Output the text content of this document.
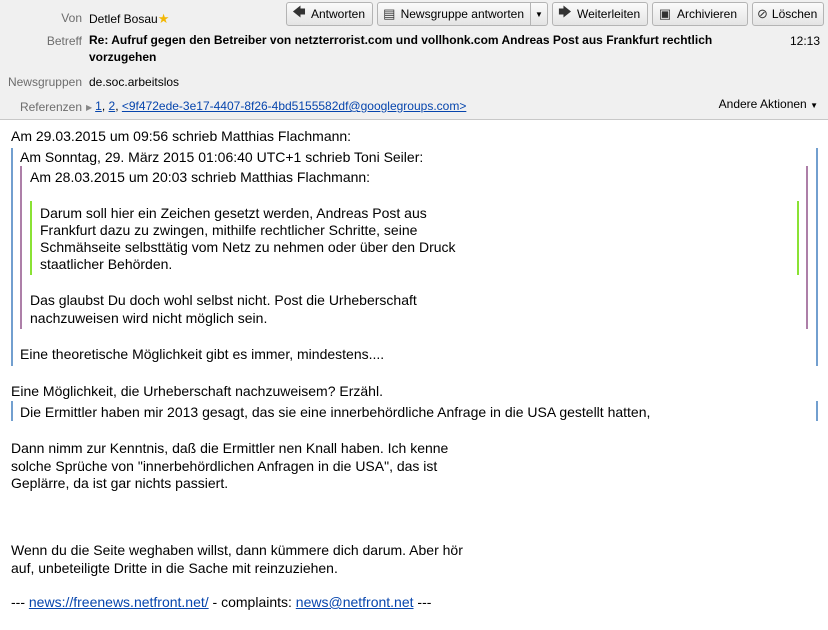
Von Detlef Bosau★	🡄 Antworten ▤ Newsgruppe antworten ▼ 🡆 Weiterleiten ▣ Archivieren ⊘ Löschen
Betreff Re: Aufruf gegen den Betreiber von netzterrorist.com und vollhonk.com Andreas Post aus Frankfurt rechtlich
vorzugehen
12:13
Newsgruppen de.soc.arbeitslos
Referenzen ▶ 1, 2, <9f472ede-3e17-4407-8f26-4bd5155582df@googlegroups.com>	Andere Aktionen ▼
Am 29.03.2015 um 09:56 schrieb Matthias Flachmann:
Am Sonntag, 29. März 2015 01:06:40 UTC+1 schrieb Toni Seiler:
Am 28.03.2015 um 20:03 schrieb Matthias Flachmann:
Darum soll hier ein Zeichen gesetzt werden, Andreas Post aus
Frankfurt dazu zu zwingen, mithilfe rechtlicher Schritte, seine
Schmähseite selbsttätig vom Netz zu nehmen oder über den Druck
staatlicher Behörden.
Das glaubst Du doch wohl selbst nicht. Post die Urheberschaft
nachzuweisen wird nicht möglich sein.
Eine theoretische Möglichkeit gibt es immer, mindestens....
Eine Möglichkeit, die Urheberschaft nachzuweisem? Erzähl.
Die Ermittler haben mir 2013 gesagt, das sie eine innerbehördliche Anfrage in die USA gestellt hatten,
Dann nimm zur Kenntnis, daß die Ermittler nen Knall haben. Ich kenne
solche Sprüche von "innerbehördlichen Anfragen in die USA", das ist
Geplärre, da ist gar nichts passiert.
Wenn du die Seite weghaben willst, dann kümmere dich darum. Aber hör
auf, unbeteiligte Dritte in die Sache mit reinzuziehen.
--- news://freenews.netfront.net/ - complaints: news@netfront.net ---
